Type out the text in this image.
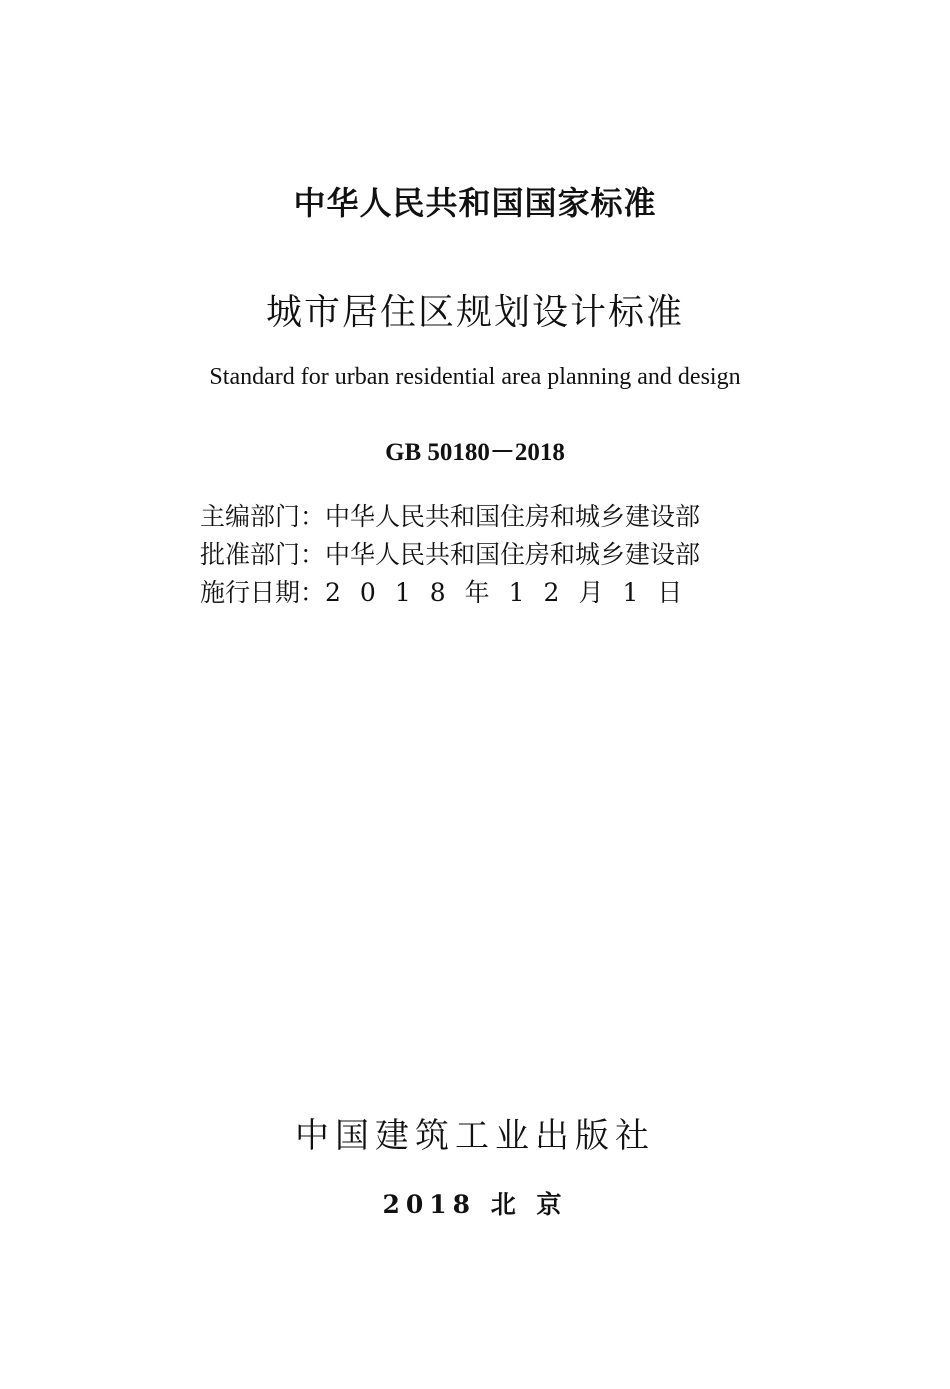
中华人民共和国国家标准
城市居住区规划设计标准
Standard for urban residential area planning and design
GB 50180－2018
主编部门：中华人民共和国住房和城乡建设部
批准部门：中华人民共和国住房和城乡建设部
施行日期：2018年12月1日
中国建筑工业出版社
2018 北 京
